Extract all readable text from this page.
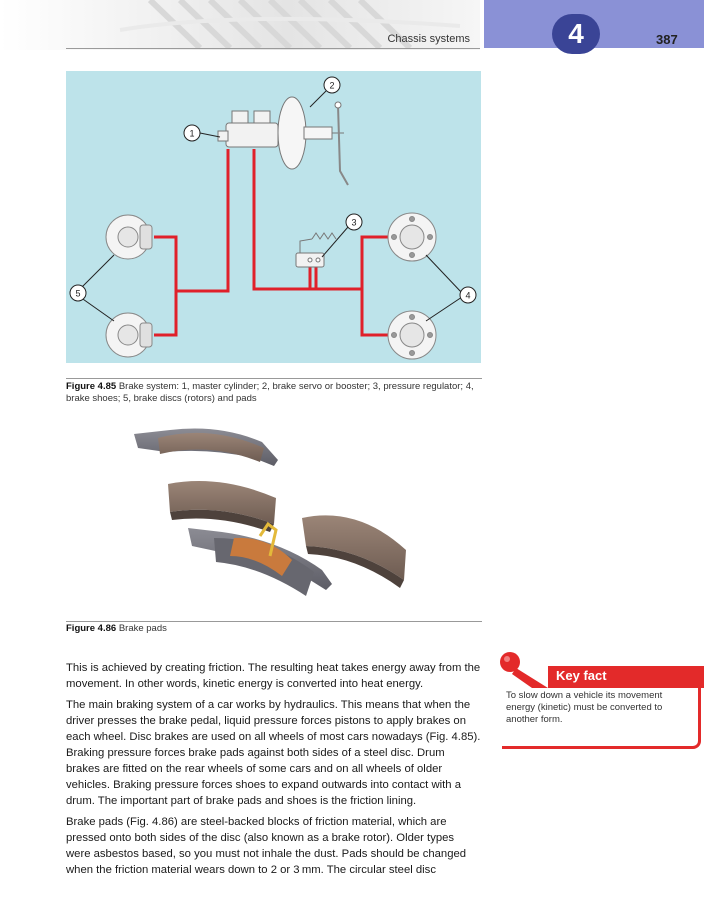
Chassis systems	4	387
1
2
3
4
5
Figure 4.85 Brake system: 1, master cylinder; 2, brake servo or booster; 3, pressure regulator; 4, brake shoes; 5, brake discs (rotors) and pads
Figure 4.86 Brake pads

This is achieved by creating friction. The resulting heat takes energy away from the movement. In other words, kinetic energy is converted into heat energy.

The main braking system of a car works by hydraulics. This means that when the driver presses the brake pedal, liquid pressure forces pistons to apply brakes on each wheel. Disc brakes are used on all wheels of most cars nowadays (Fig. 4.85). Braking pressure forces brake pads against both sides of a steel disc. Drum brakes are fitted on the rear wheels of some cars and on all wheels of older vehicles. Braking pressure forces shoes to expand outwards into contact with a drum. The important part of brake pads and shoes is the friction lining.

Brake pads (Fig. 4.86) are steel-backed blocks of friction material, which are pressed onto both sides of the disc (also known as a brake rotor). Older types were asbestos based, so you must not inhale the dust. Pads should be changed when the friction material wears down to 2 or 3 mm. The circular steel disc

Key fact
To slow down a vehicle its movement energy (kinetic) must be converted to another form.
